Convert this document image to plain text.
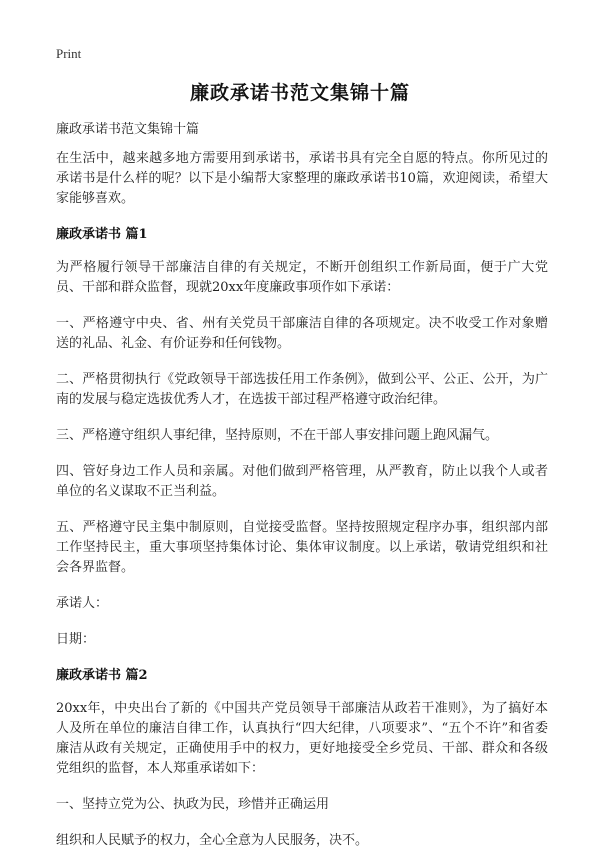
Print
廉政承诺书范文集锦十篇

廉政承诺书范文集锦十篇

在生活中，越来越多地方需要用到承诺书，承诺书具有完全自愿的特点。你所见过的承诺书是什么样的呢？以下是小编帮大家整理的廉政承诺书10篇，欢迎阅读，希望大家能够喜欢。

廉政承诺书 篇1

为严格履行领导干部廉洁自律的有关规定，不断开创组织工作新局面，便于广大党员、干部和群众监督，现就20xx年度廉政事项作如下承诺：

一、严格遵守中央、省、州有关党员干部廉洁自律的各项规定。决不收受工作对象赠送的礼品、礼金、有价证券和任何钱物。

二、严格贯彻执行《党政领导干部选拔任用工作条例》，做到公平、公正、公开，为广南的发展与稳定选拔优秀人才，在选拔干部过程严格遵守政治纪律。

三、严格遵守组织人事纪律，坚持原则，不在干部人事安排问题上跑风漏气。

四、管好身边工作人员和亲属。对他们做到严格管理，从严教育，防止以我个人或者单位的名义谋取不正当利益。

五、严格遵守民主集中制原则，自觉接受监督。坚持按照规定程序办事，组织部内部工作坚持民主，重大事项坚持集体讨论、集体审议制度。以上承诺，敬请党组织和社会各界监督。

承诺人：

日期：

廉政承诺书 篇2

20xx年，中央出台了新的《中国共产党员领导干部廉洁从政若干准则》，为了搞好本人及所在单位的廉洁自律工作，认真执行“四大纪律，八项要求”、“五个不许”和省委廉洁从政有关规定，正确使用手中的权力，更好地接受全乡党员、干部、群众和各级党组织的监督，本人郑重承诺如下：

一、坚持立党为公、执政为民，珍惜并正确运用

组织和人民赋予的权力，全心全意为人民服务，决不。
